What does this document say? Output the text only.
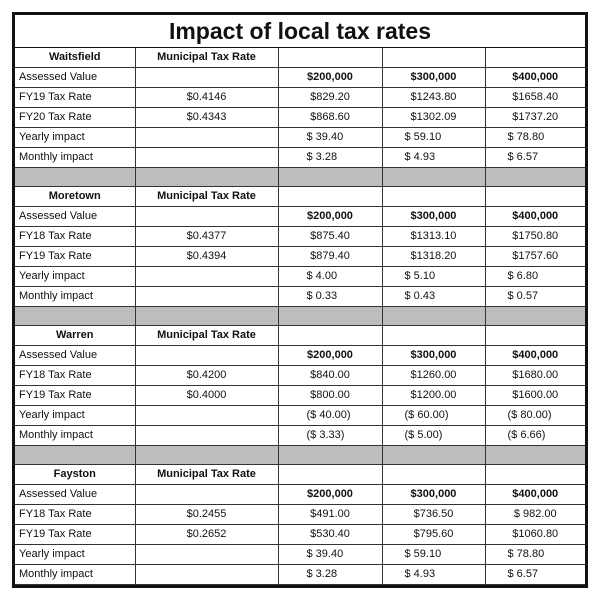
Impact of local tax rates
Waitsfield	Municipal Tax Rate			
Assessed Value		$200,000	$300,000	$400,000
FY19 Tax Rate	$0.4146	$829.20	$1243.80	$1658.40
FY20 Tax Rate	$0.4343	$868.60	$1302.09	$1737.20
Yearly impact		$ 39.40	$ 59.10	$ 78.80
Monthly impact		$ 3.28	$ 4.93	$ 6.57

Moretown	Municipal Tax Rate			
Assessed Value		$200,000	$300,000	$400,000
FY18 Tax Rate	$0.4377	$875.40	$1313.10	$1750.80
FY19 Tax Rate	$0.4394	$879.40	$1318.20	$1757.60
Yearly impact		$ 4.00	$ 5.10	$ 6.80
Monthly impact		$ 0.33	$ 0.43	$ 0.57

Warren	Municipal Tax Rate			
Assessed Value		$200,000	$300,000	$400,000
FY18 Tax Rate	$0.4200	$840.00	$1260.00	$1680.00
FY19 Tax Rate	$0.4000	$800.00	$1200.00	$1600.00
Yearly impact		($ 40.00)	($ 60.00)	($ 80.00)
Monthly impact		($ 3.33)	($ 5.00)	($ 6.66)

Fayston	Municipal Tax Rate			
Assessed Value		$200,000	$300,000	$400,000
FY18 Tax Rate	$0.2455	$491.00	$736.50	$ 982.00
FY19 Tax Rate	$0.2652	$530.40	$795.60	$1060.80
Yearly impact		$ 39.40	$ 59.10	$ 78.80
Monthly impact		$ 3.28	$ 4.93	$ 6.57
